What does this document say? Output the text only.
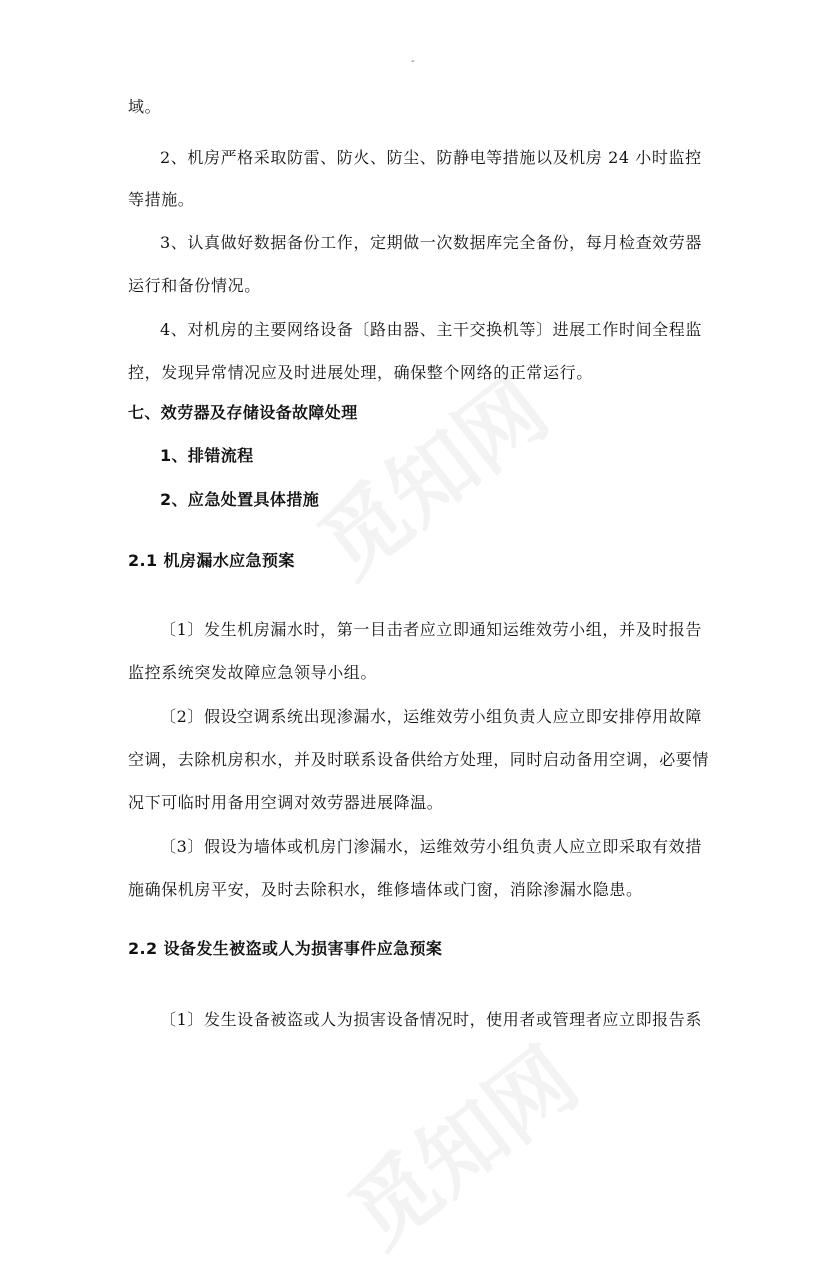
-
域。
2、机房严格采取防雷、防火、防尘、防静电等措施以及机房 24 小时监控
等措施。
3、认真做好数据备份工作，定期做一次数据库完全备份，每月检查效劳器
运行和备份情况。
4、对机房的主要网络设备〔路由器、主干交换机等〕进展工作时间全程监
控，发现异常情况应及时进展处理，确保整个网络的正常运行。
七、效劳器及存储设备故障处理
1、排错流程
2、应急处置具体措施
2.1 机房漏水应急预案
〔1〕发生机房漏水时，第一目击者应立即通知运维效劳小组，并及时报告
监控系统突发故障应急领导小组。
〔2〕假设空调系统出现渗漏水，运维效劳小组负责人应立即安排停用故障
空调，去除机房积水，并及时联系设备供给方处理，同时启动备用空调，必要情
况下可临时用备用空调对效劳器进展降温。
〔3〕假设为墙体或机房门渗漏水，运维效劳小组负责人应立即采取有效措
施确保机房平安，及时去除积水，维修墙体或门窗，消除渗漏水隐患。
2.2 设备发生被盗或人为损害事件应急预案
〔1〕发生设备被盗或人为损害设备情况时，使用者或管理者应立即报告系
